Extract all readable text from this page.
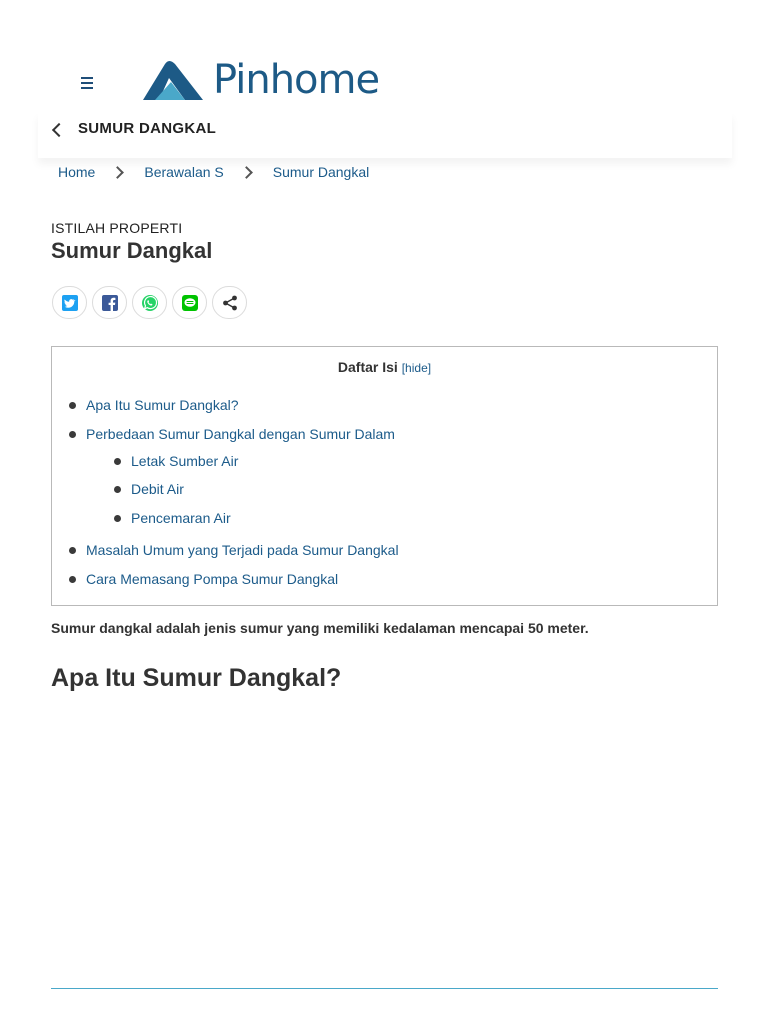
Pinhome
SUMUR DANGKAL
Home	Berawalan S	Sumur Dangkal
ISTILAH PROPERTI
Sumur Dangkal
Daftar Isi [hide]
Apa Itu Sumur Dangkal?
Perbedaan Sumur Dangkal dengan Sumur Dalam
Letak Sumber Air
Debit Air
Pencemaran Air
Masalah Umum yang Terjadi pada Sumur Dangkal
Cara Memasang Pompa Sumur Dangkal

Sumur dangkal adalah jenis sumur yang memiliki kedalaman mencapai 50 meter.

Apa Itu Sumur Dangkal?
